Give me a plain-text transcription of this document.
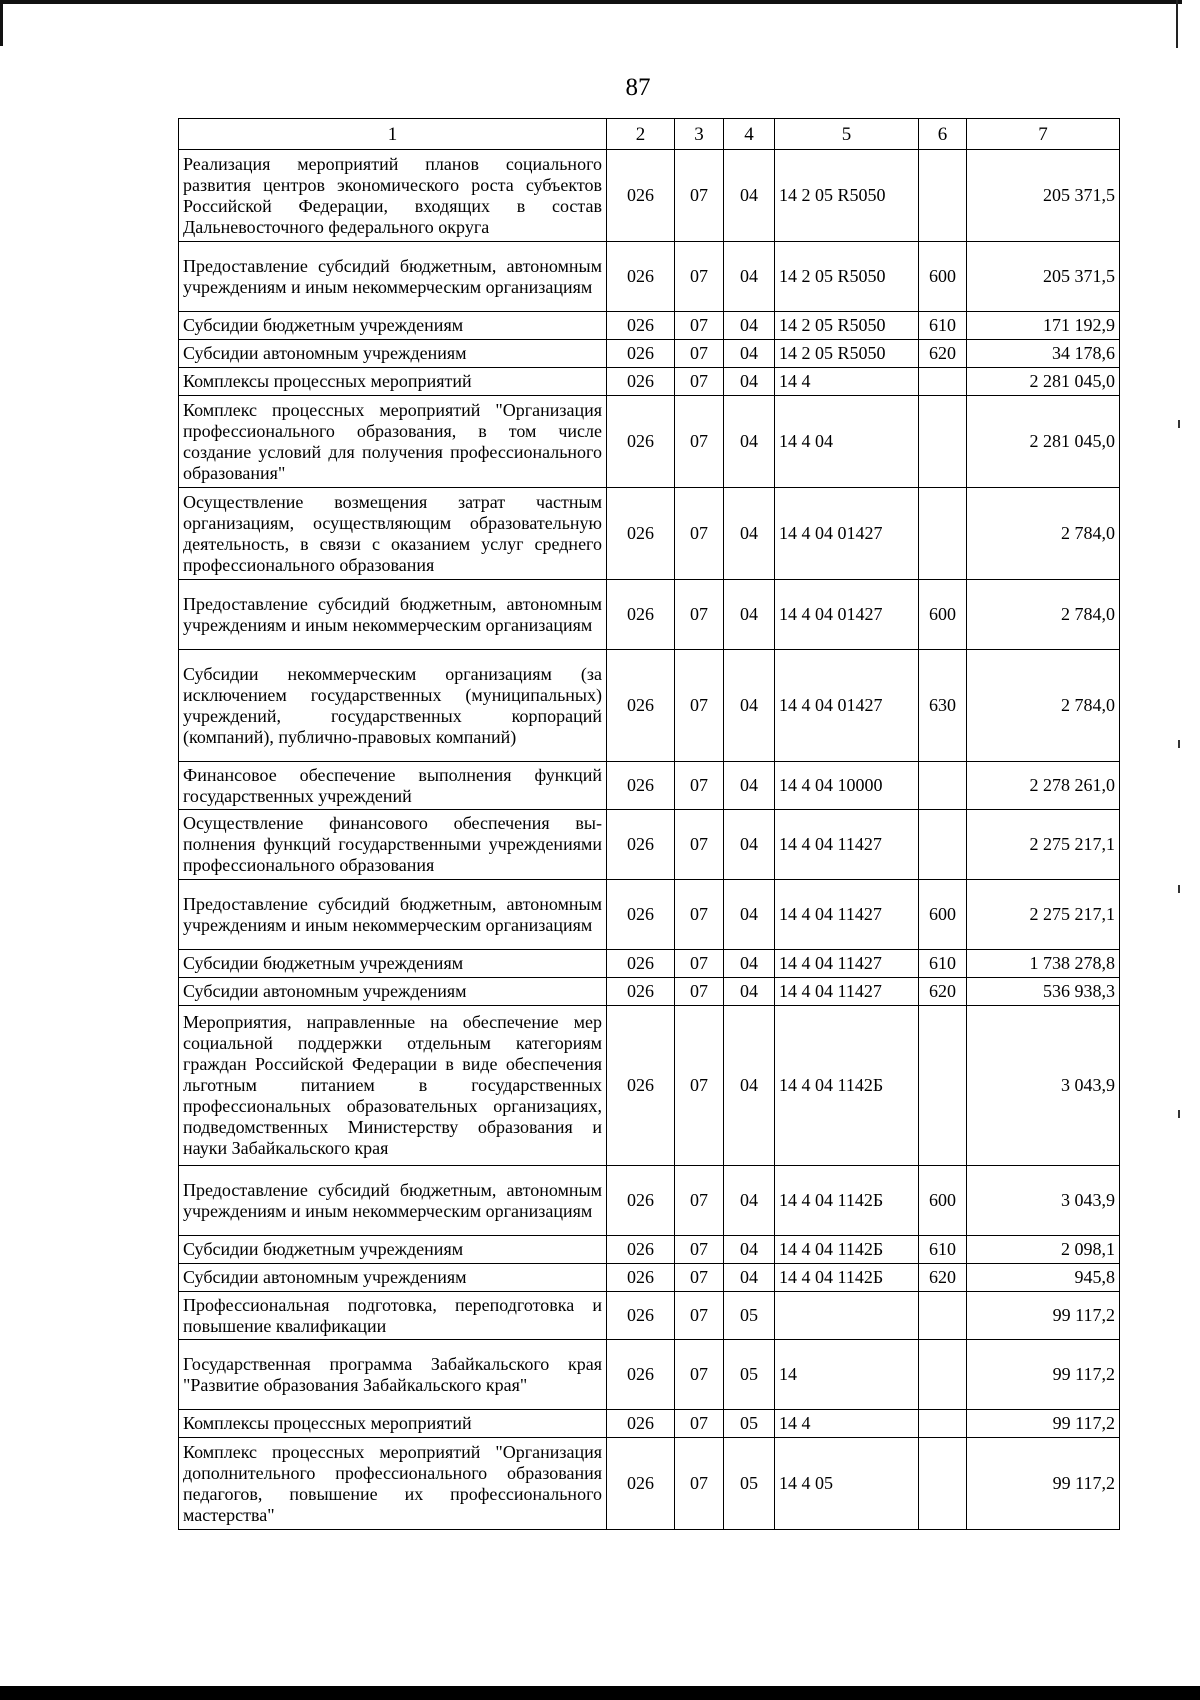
87
1	2	3	4	5	6	7
Реализация мероприятий планов социального развития центров экономического роста субъектов Российской Федерации, входящих в состав Дальневосточного федерального округа	026	07	04	14 2 05 R5050		205 371,5
Предоставление субсидий бюджетным, автономным учреждениям и иным некоммерческим организациям	026	07	04	14 2 05 R5050	600	205 371,5
Субсидии бюджетным учреждениям	026	07	04	14 2 05 R5050	610	171 192,9
Субсидии автономным учреждениям	026	07	04	14 2 05 R5050	620	34 178,6
Комплексы процессных мероприятий	026	07	04	14 4		2 281 045,0
Комплекс процессных мероприятий "Организация профессионального образования, в том числе создание условий для получения профессионального образования"	026	07	04	14 4 04		2 281 045,0
Осуществление возмещения затрат частным организациям, осуществляющим образовательную деятельность, в связи с оказанием услуг среднего профессионального образования	026	07	04	14 4 04 01427		2 784,0
Предоставление субсидий бюджетным, автономным учреждениям и иным некоммерческим организациям	026	07	04	14 4 04 01427	600	2 784,0
Субсидии некоммерческим организациям (за исключением государственных (муниципальных) учреждений, государственных корпораций (компаний), публично-правовых компаний)	026	07	04	14 4 04 01427	630	2 784,0
Финансовое обеспечение выполнения функций государственных учреждений	026	07	04	14 4 04 10000		2 278 261,0
Осуществление финансового обеспечения выполнения функций государственными учреждениями профессионального образования	026	07	04	14 4 04 11427		2 275 217,1
Предоставление субсидий бюджетным, автономным учреждениям и иным некоммерческим организациям	026	07	04	14 4 04 11427	600	2 275 217,1
Субсидии бюджетным учреждениям	026	07	04	14 4 04 11427	610	1 738 278,8
Субсидии автономным учреждениям	026	07	04	14 4 04 11427	620	536 938,3
Мероприятия, направленные на обеспечение мер социальной поддержки отдельным категориям граждан Российской Федерации в виде обеспечения льготным питанием в государственных профессиональных образовательных организациях, подведомственных Министерству образования и науки Забайкальского края	026	07	04	14 4 04 1142Б		3 043,9
Предоставление субсидий бюджетным, автономным учреждениям и иным некоммерческим организациям	026	07	04	14 4 04 1142Б	600	3 043,9
Субсидии бюджетным учреждениям	026	07	04	14 4 04 1142Б	610	2 098,1
Субсидии автономным учреждениям	026	07	04	14 4 04 1142Б	620	945,8
Профессиональная подготовка, переподготовка и повышение квалификации	026	07	05			99 117,2
Государственная программа Забайкальского края "Развитие образования Забайкальского края"	026	07	05	14		99 117,2
Комплексы процессных мероприятий	026	07	05	14 4		99 117,2
Комплекс процессных мероприятий "Организация дополнительного профессионального образования педагогов, повышение их профессионального мастерства"	026	07	05	14 4 05		99 117,2
